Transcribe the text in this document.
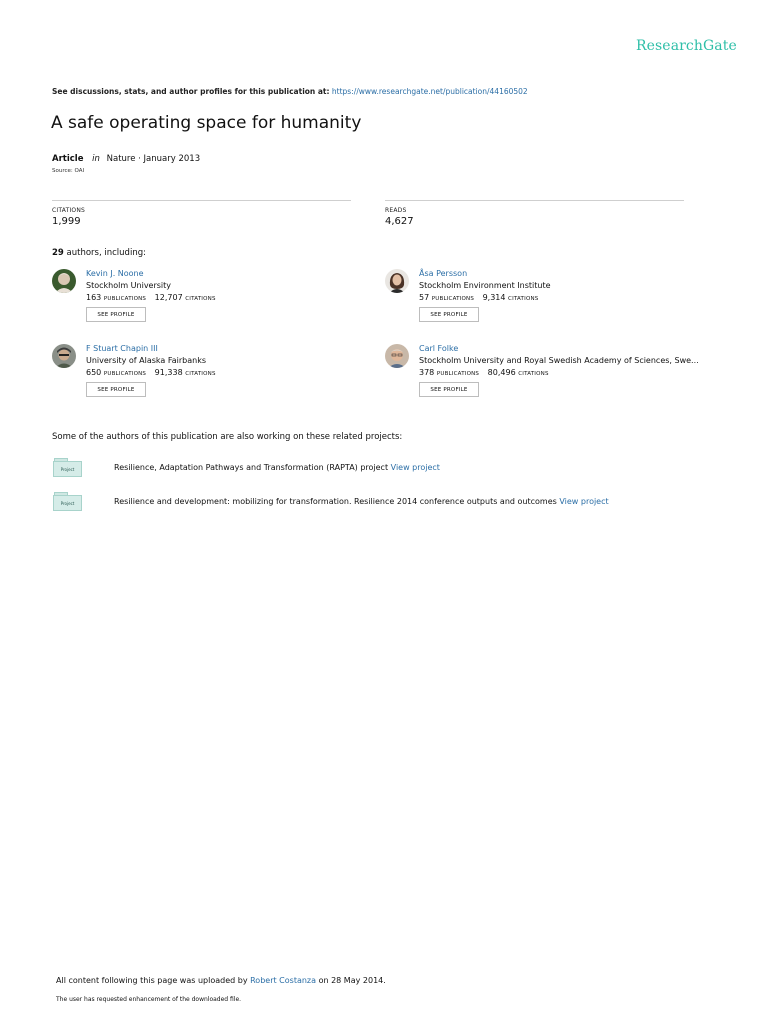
ResearchGate
See discussions, stats, and author profiles for this publication at: https://www.researchgate.net/publication/44160502
A safe operating space for humanity
Article in Nature · January 2013
Source: OAI
CITATIONS
1,999
READS
4,627
29 authors, including:
Kevin J. Noone
Stockholm University
163 PUBLICATIONS 12,707 CITATIONS
SEE PROFILE
Åsa Persson
Stockholm Environment Institute
57 PUBLICATIONS 9,314 CITATIONS
SEE PROFILE
F Stuart Chapin III
University of Alaska Fairbanks
650 PUBLICATIONS 91,338 CITATIONS
SEE PROFILE
Carl Folke
Stockholm University and Royal Swedish Academy of Sciences, Swe...
378 PUBLICATIONS 80,496 CITATIONS
SEE PROFILE
Some of the authors of this publication are also working on these related projects:
Project	Resilience, Adaptation Pathways and Transformation (RAPTA) project View project
Project	Resilience and development: mobilizing for transformation. Resilience 2014 conference outputs and outcomes View project
All content following this page was uploaded by Robert Costanza on 28 May 2014.
The user has requested enhancement of the downloaded file.
